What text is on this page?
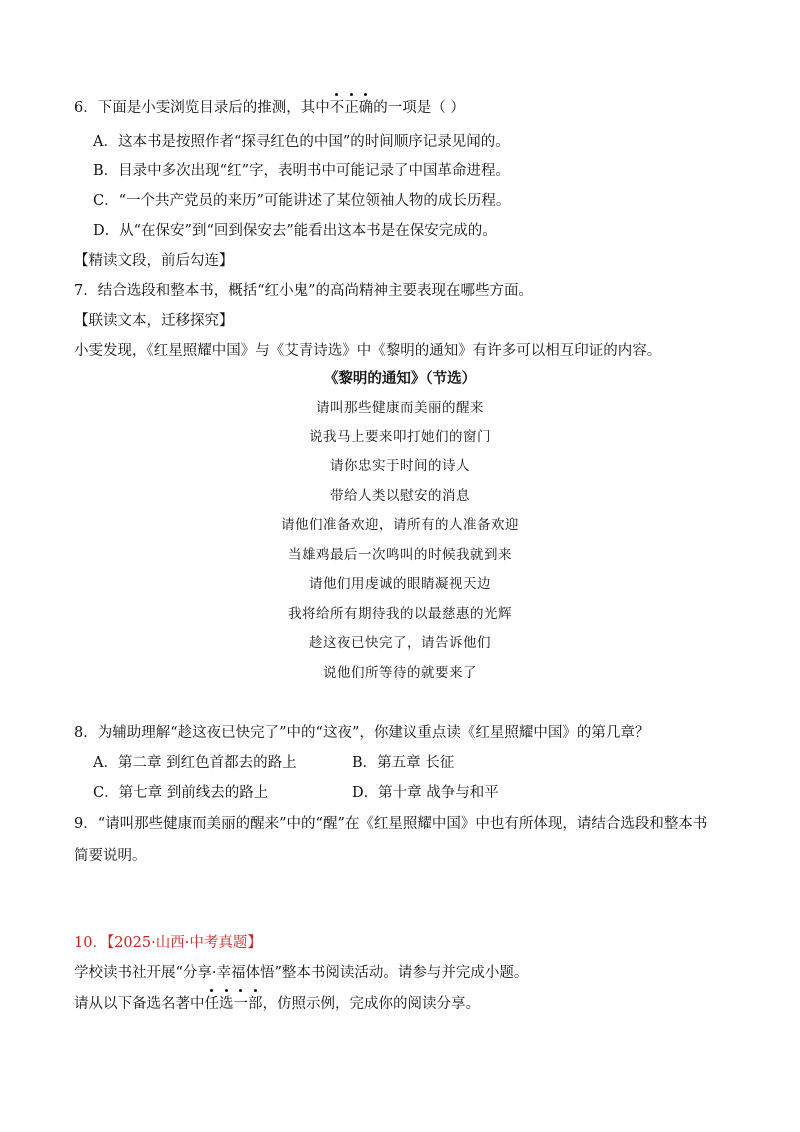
6．下面是小雯浏览目录后的推测，其中不正确的一项是（ ）
A．这本书是按照作者“探寻红色的中国”的时间顺序记录见闻的。
B．目录中多次出现“红”字，表明书中可能记录了中国革命进程。
C．“一个共产党员的来历”可能讲述了某位领袖人物的成长历程。
D．从“在保安”到“回到保安去”能看出这本书是在保安完成的。
【精读文段，前后勾连】
7．结合选段和整本书，概括“红小鬼”的高尚精神主要表现在哪些方面。
【联读文本，迁移探究】
小雯发现，《红星照耀中国》与《艾青诗选》中《黎明的通知》有许多可以相互印证的内容。
《黎明的通知》（节选）
请叫那些健康而美丽的醒来
说我马上要来叩打她们的窗门
请你忠实于时间的诗人
带给人类以慰安的消息
请他们准备欢迎，请所有的人准备欢迎
当雄鸡最后一次鸣叫的时候我就到来
请他们用虔诚的眼睛凝视天边
我将给所有期待我的以最慈惠的光辉
趁这夜已快完了，请告诉他们
说他们所等待的就要来了
8．为辅助理解“趁这夜已快完了”中的“这夜”，你建议重点读《红星照耀中国》的第几章？
A．第二章 到红色首都去的路上	B．第五章 长征
C．第七章 到前线去的路上	D．第十章 战争与和平
9．“请叫那些健康而美丽的醒来”中的“醒”在《红星照耀中国》中也有所体现，请结合选段和整本书
简要说明。
10．【2025·山西·中考真题】
学校读书社开展“分享·幸福体悟”整本书阅读活动。请参与并完成小题。
请从以下备选名著中任选一部，仿照示例，完成你的阅读分享。
